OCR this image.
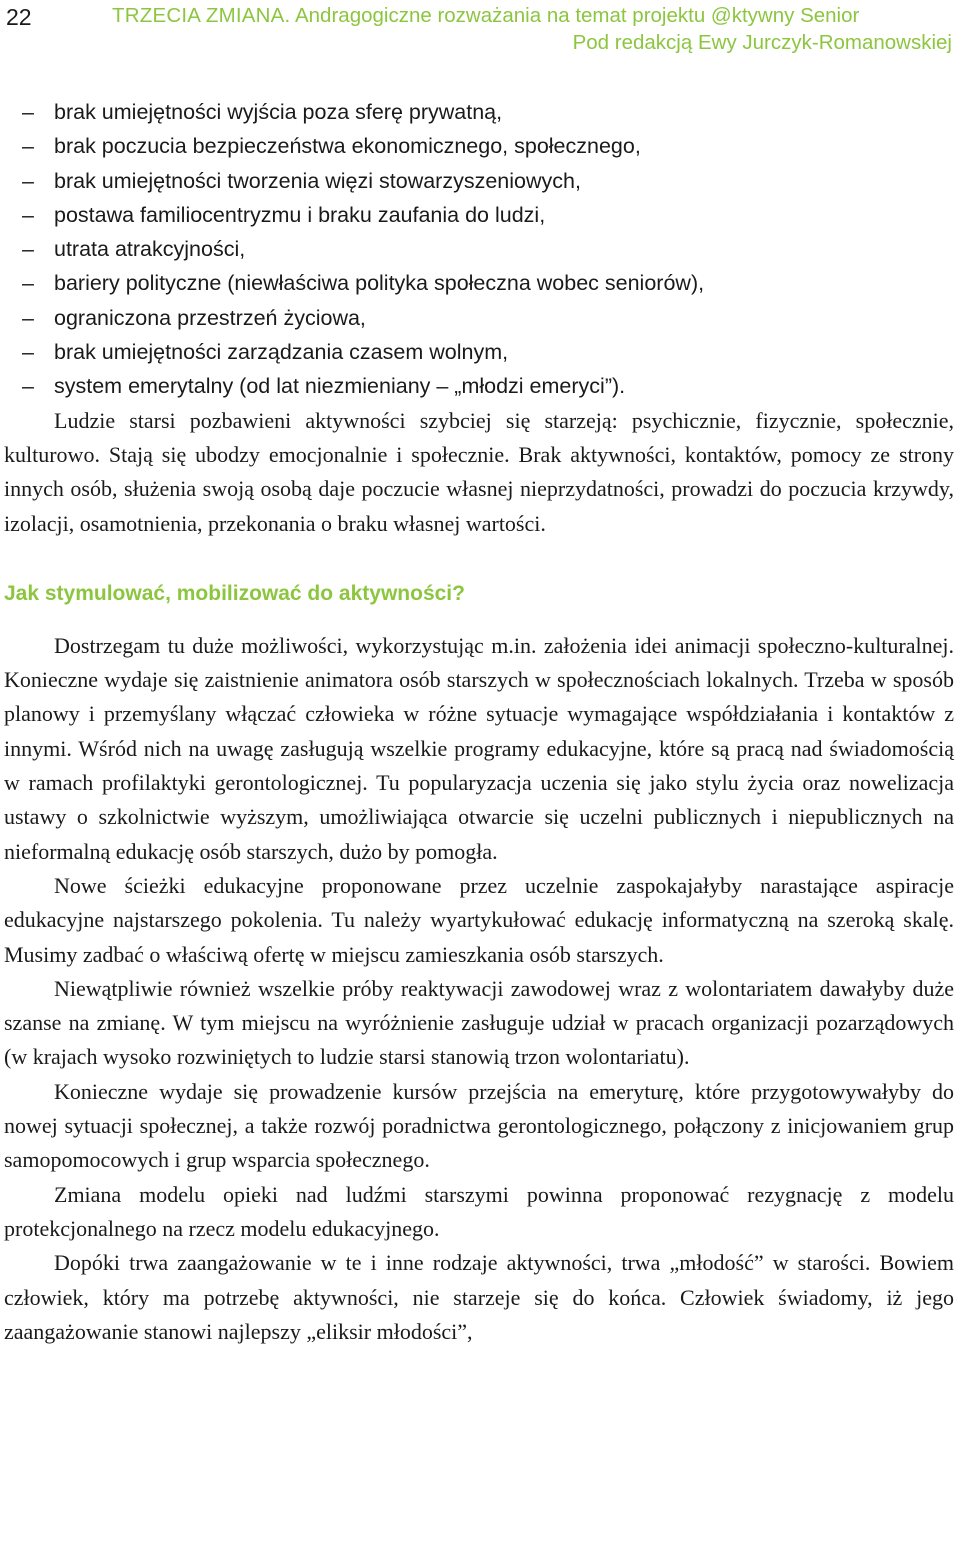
22	TRZECIA ZMIANA. Andragogiczne rozważania na temat projektu @ktywny Senior
Pod redakcją Ewy Jurczyk-Romanowskiej
– brak umiejętności wyjścia poza sferę prywatną,
– brak poczucia bezpieczeństwa ekonomicznego, społecznego,
– brak umiejętności tworzenia więzi stowarzyszeniowych,
– postawa familiocentryzmu i braku zaufania do ludzi,
– utrata atrakcyjności,
– bariery polityczne (niewłaściwa polityka społeczna wobec seniorów),
– ograniczona przestrzeń życiowa,
– brak umiejętności zarządzania czasem wolnym,
– system emerytalny (od lat niezmieniany – „młodzi emeryci”).

Ludzie starsi pozbawieni aktywności szybciej się starzeją: psychicznie, fizycznie, społecznie, kulturowo. Stają się ubodzy emocjonalnie i społecznie. Brak aktywności, kontaktów, pomocy ze strony innych osób, służenia swoją osobą daje poczucie własnej nieprzydatności, prowadzi do poczucia krzywdy, izolacji, osamotnienia, przekonania o braku własnej wartości.

Jak stymulować, mobilizować do aktywności?

Dostrzegam tu duże możliwości, wykorzystując m.in. założenia idei animacji społeczno-kulturalnej. Konieczne wydaje się zaistnienie animatora osób starszych w społecznościach lokalnych. Trzeba w sposób planowy i przemyślany włączać człowieka w różne sytuacje wymagające współdziałania i kontaktów z innymi. Wśród nich na uwagę zasługują wszelkie programy edukacyjne, które są pracą nad świadomością w ramach profilaktyki gerontologicznej. Tu popularyzacja uczenia się jako stylu życia oraz nowelizacja ustawy o szkolnictwie wyższym, umożliwiająca otwarcie się uczelni publicznych i niepublicznych na nieformalną edukację osób starszych, dużo by pomogła.

Nowe ścieżki edukacyjne proponowane przez uczelnie zaspokajałyby narastające aspiracje edukacyjne najstarszego pokolenia. Tu należy wyartykułować edukację informatyczną na szeroką skalę. Musimy zadbać o właściwą ofertę w miejscu zamieszkania osób starszych.

Niewątpliwie również wszelkie próby reaktywacji zawodowej wraz z wolontariatem dawałyby duże szanse na zmianę. W tym miejscu na wyróżnienie zasługuje udział w pracach organizacji pozarządowych (w krajach wysoko rozwiniętych to ludzie starsi stanowią trzon wolontariatu).

Konieczne wydaje się prowadzenie kursów przejścia na emeryturę, które przygotowywałyby do nowej sytuacji społecznej, a także rozwój poradnictwa gerontologicznego, połączony z inicjowaniem grup samopomocowych i grup wsparcia społecznego.

Zmiana modelu opieki nad ludźmi starszymi powinna proponować rezygnację z modelu protekcjonalnego na rzecz modelu edukacyjnego.

Dopóki trwa zaangażowanie w te i inne rodzaje aktywności, trwa „młodość” w starości. Bowiem człowiek, który ma potrzebę aktywności, nie starzeje się do końca. Człowiek świadomy, iż jego zaangażowanie stanowi najlepszy „eliksir młodości”,
